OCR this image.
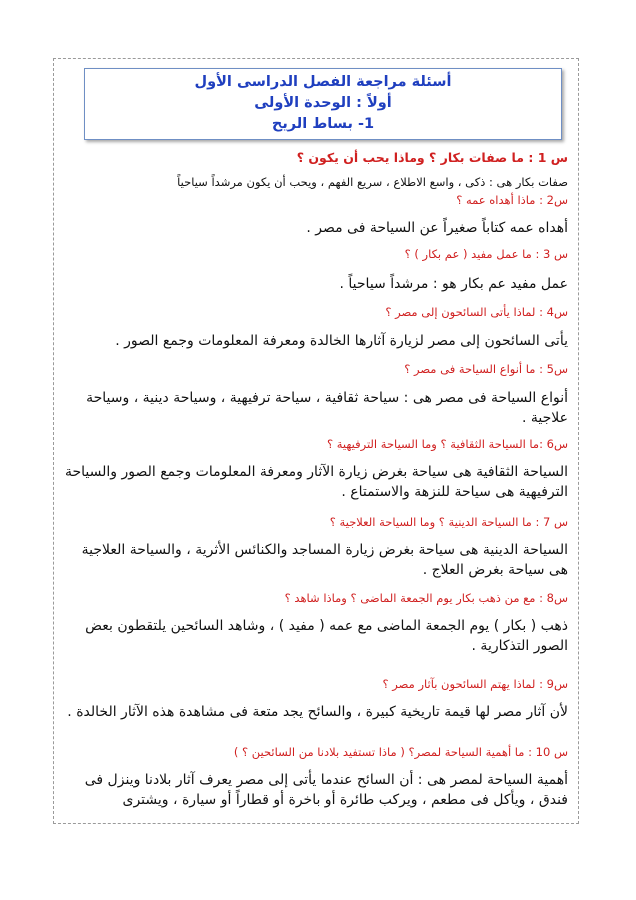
أسئلة مراجعة الفصل الدراسى الأول
أولاً : الوحدة الأولى
1- بساط الريح
س 1 : ما صفات بكار ؟ وماذا يحب أن يكون ؟
صفات بكار هى : ذكى ، واسع الاطلاع ، سريع الفهم ، ويحب أن يكون مرشداً سياحياً
س2 : ماذا أهداه عمه ؟
أهداه عمه كتاباً صغيراً عن السياحة فى مصر .
س 3 : ما عمل مفيد ( عم بكار ) ؟
عمل مفيد عم بكار هو : مرشداً سياحياً .
س4 : لماذا يأتى السائحون إلى مصر ؟
يأتى السائحون إلى مصر لزيارة آثارها الخالدة ومعرفة المعلومات وجمع الصور .
س5 : ما أنواع السياحة فى مصر ؟
أنواع السياحة فى مصر هى : سياحة ثقافية ، سياحة ترفيهية ، وسياحة دينية ، وسياحة علاجية .
س6 :ما السياحة الثقافية ؟ وما السياحة الترفيهية ؟
السياحة الثقافية هى سياحة بغرض زيارة الآثار ومعرفة المعلومات وجمع الصور والسياحة الترفيهية هى سياحة للنزهة والاستمتاع .
س 7 : ما السياحة الدينية ؟ وما السياحة العلاجية ؟
السياحة الدينية هى سياحة بغرض زيارة المساجد والكنائس الأثرية ، والسياحة العلاجية هى سياحة بغرض العلاج .
س8 : مع من ذهب بكار يوم الجمعة الماضى ؟ وماذا شاهد ؟
ذهب ( بكار ) يوم الجمعة الماضى مع عمه ( مفيد ) ، وشاهد السائحين يلتقطون بعض الصور التذكارية .
س9 : لماذا يهتم السائحون بآثار مصر ؟
لأن آثار مصر لها قيمة تاريخية كبيرة ، والسائح يجد متعة فى مشاهدة هذه الآثار الخالدة .
س 10 : ما أهمية السياحة لمصر؟ ( ماذا تستفيد بلادنا من السائحين ؟ )
أهمية السياحة لمصر هى : أن السائح عندما يأتى إلى مصر يعرف آثار بلادنا وينزل فى فندق ، ويأكل فى مطعم ، ويركب طائرة أو باخرة أو قطاراً أو سيارة ، ويشترى
